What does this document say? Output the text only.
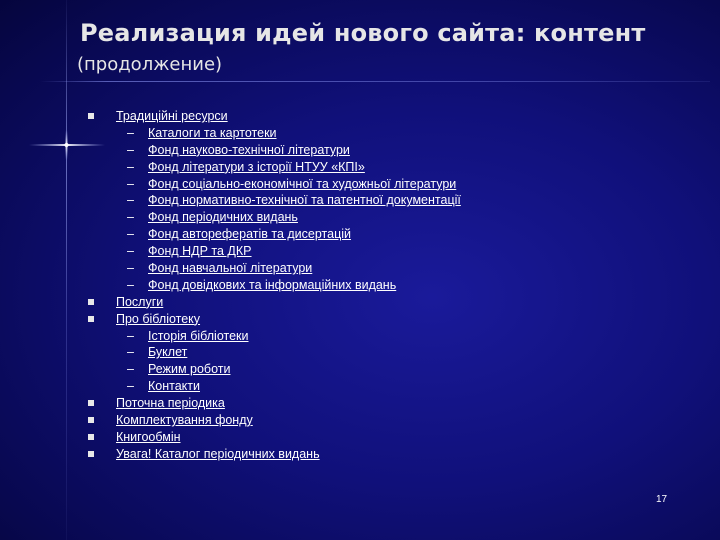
Реализация идей нового сайта: контент
(продолжение)
Традиційні ресурси
– Каталоги та картотеки
– Фонд науково-технічної літератури
– Фонд літератури з історії НТУУ «КПІ»
– Фонд соціально-економічної та художньої літератури
– Фонд нормативно-технічної та патентної документації
– Фонд періодичних видань
– Фонд авторефератів та дисертацій
– Фонд НДР та ДКР
– Фонд навчальної літератури
– Фонд довідкових та інформаційних видань
Послуги
Про бібліотеку
– Історія бібліотеки
– Буклет
– Режим роботи
– Контакти
Поточна періодика
Комплектування фонду
Книгообмін
Увага! Каталог періодичних видань
17
